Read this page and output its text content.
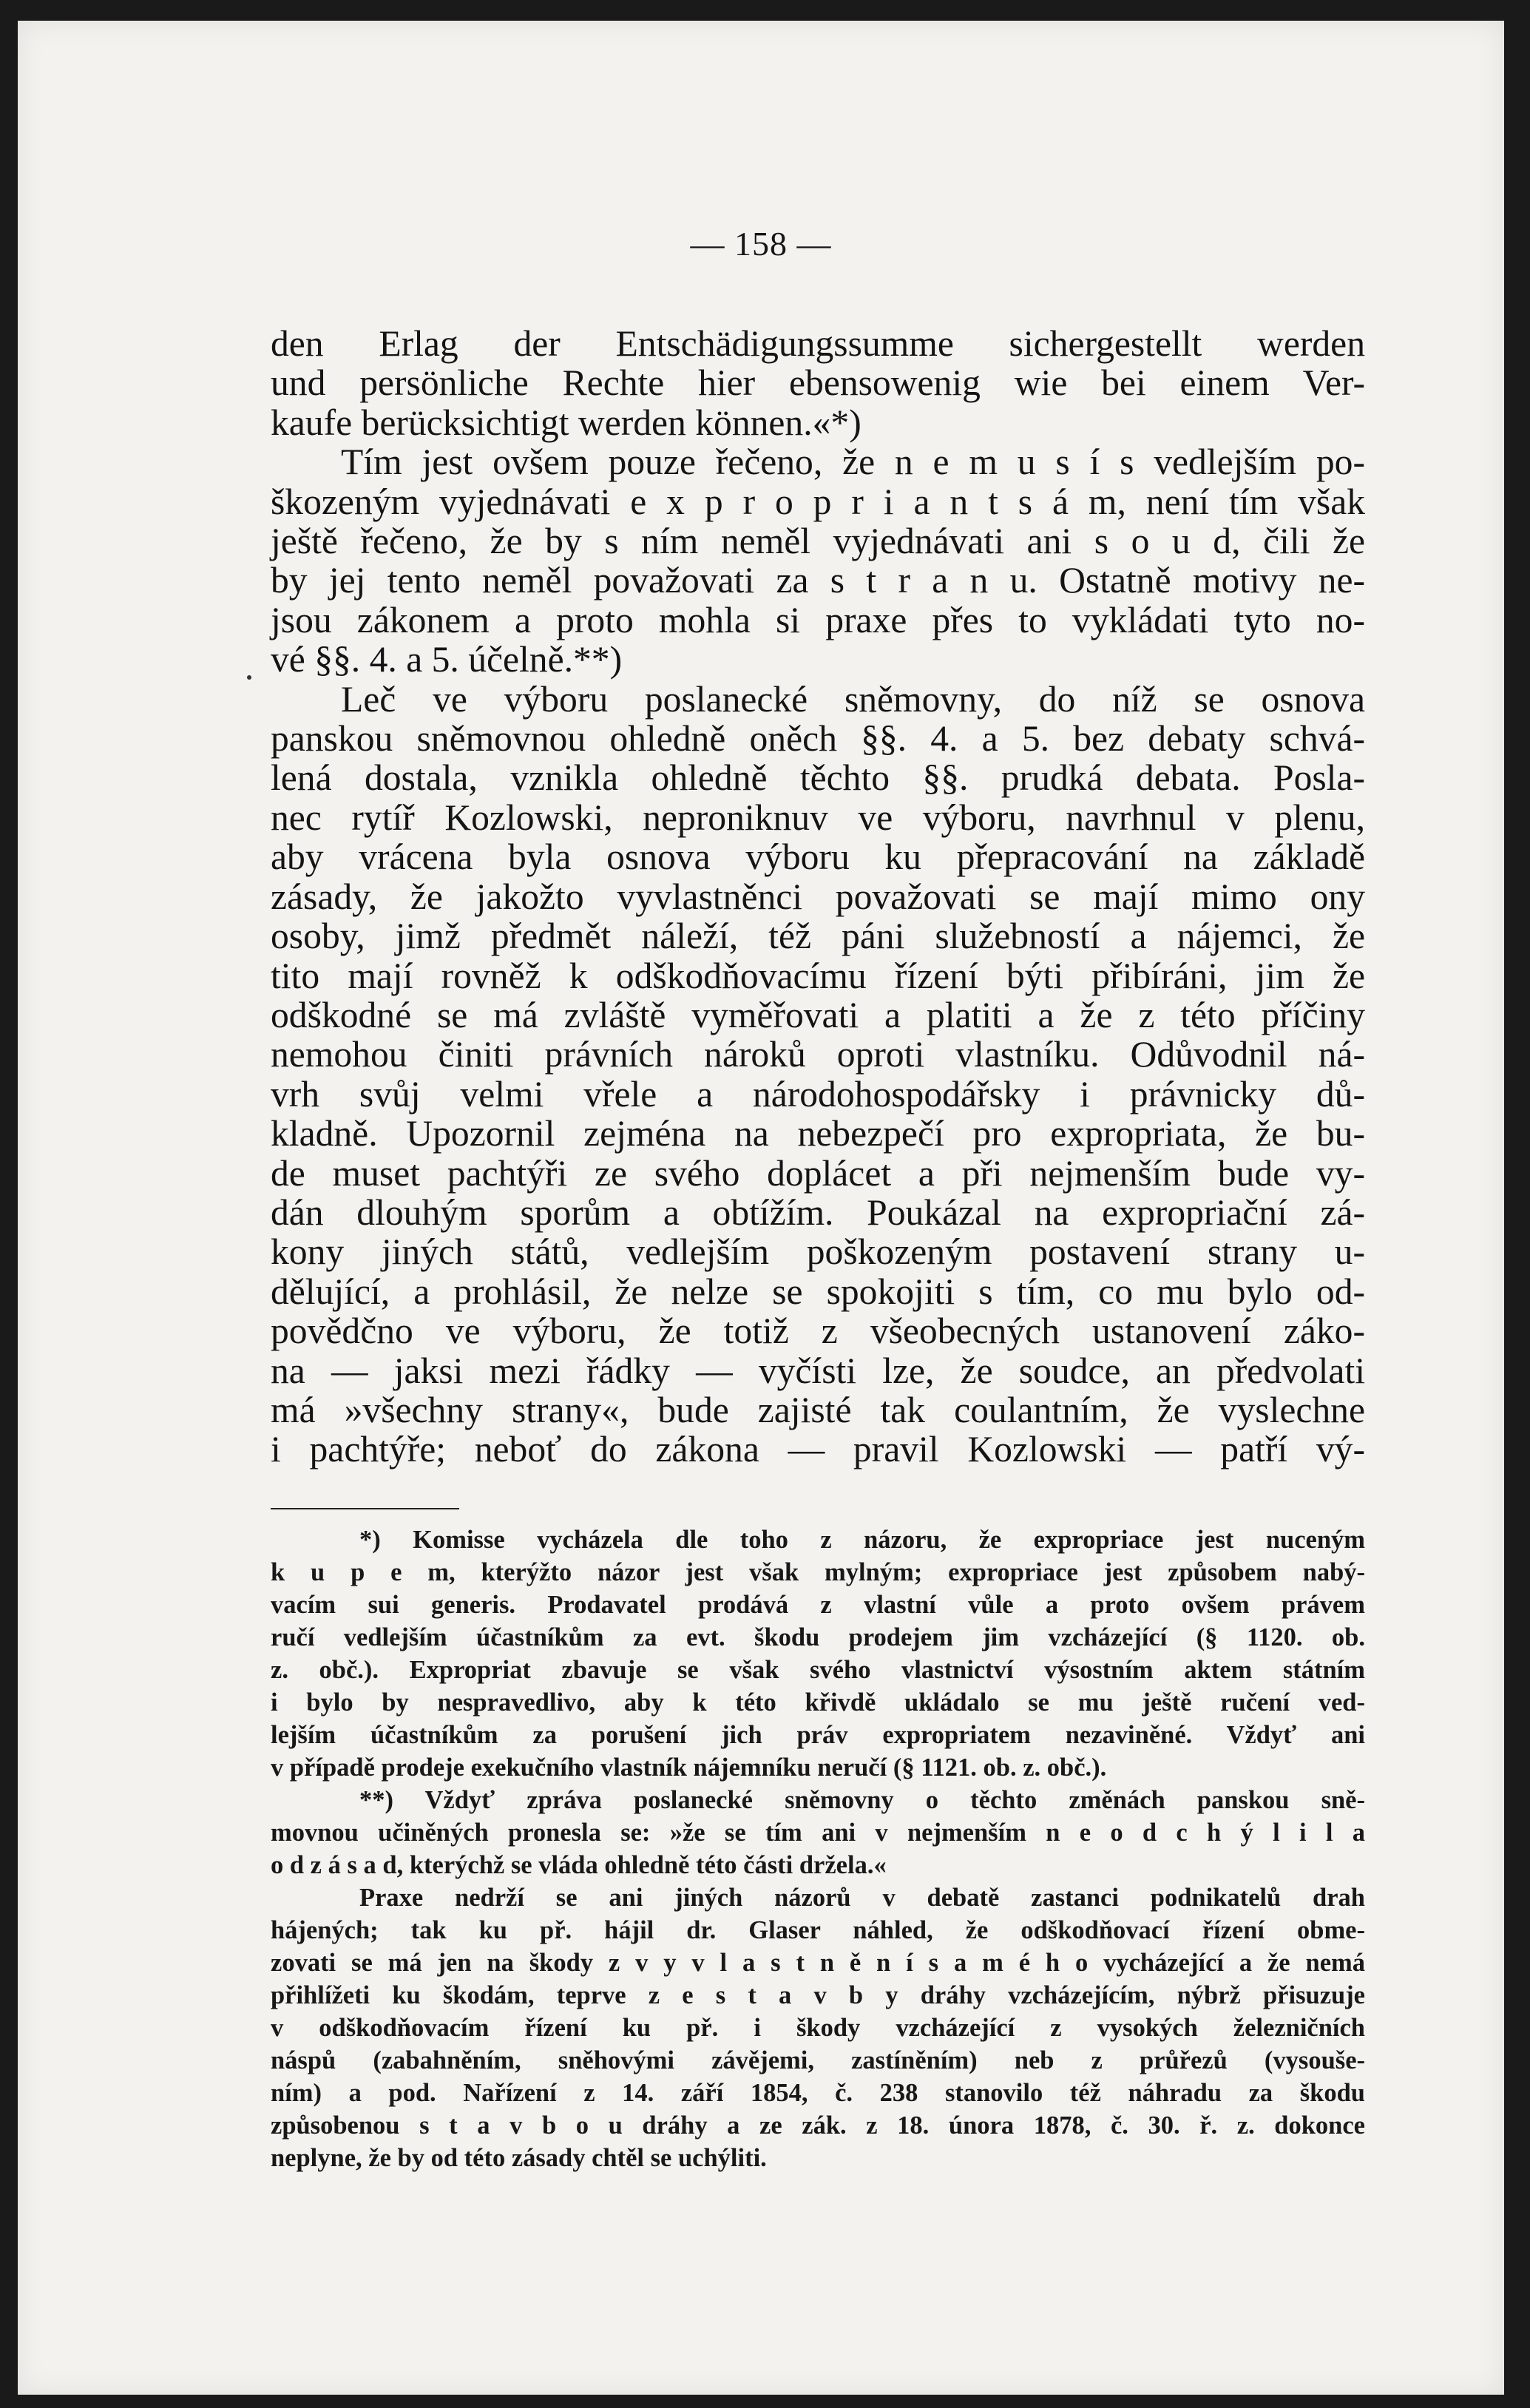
— 158 —
den Erlag der Entschädigungssumme sichergestellt werden
und persönliche Rechte hier ebensowenig wie bei einem Ver-
kaufe berücksichtigt werden können.«*)
Tím jest ovšem pouze řečeno, že n e m u s í s vedlejším po-
škozeným vyjednávati e x p r o p r i a n t s á m, není tím však
ještě řečeno, že by s ním neměl vyjednávati ani s o u d, čili že
by jej tento neměl považovati za s t r a n u. Ostatně motivy ne-
jsou zákonem a proto mohla si praxe přes to vykládati tyto no-
vé §§. 4. a 5. účelně.**)
Leč ve výboru poslanecké sněmovny, do níž se osnova
panskou sněmovnou ohledně oněch §§. 4. a 5. bez debaty schvá-
lená dostala, vznikla ohledně těchto §§. prudká debata. Posla-
nec rytíř Kozlowski, neproniknuv ve výboru, navrhnul v plenu,
aby vrácena byla osnova výboru ku přepracování na základě
zásady, že jakožto vyvlastněnci považovati se mají mimo ony
osoby, jimž předmět náleží, též páni služebností a nájemci, že
tito mají rovněž k odškodňovacímu řízení býti přibíráni, jim že
odškodné se má zvláště vyměřovati a platiti a že z této příčiny
nemohou činiti právních nároků oproti vlastníku. Odůvodnil ná-
vrh svůj velmi vřele a národohospodářsky i právnicky dů-
kladně. Upozornil zejména na nebezpečí pro expropriata, že bu-
de muset pachtýři ze svého doplácet a při nejmenším bude vy-
dán dlouhým sporům a obtížím. Poukázal na expropriační zá-
kony jiných států, vedlejším poškozeným postavení strany u-
dělující, a prohlásil, že nelze se spokojiti s tím, co mu bylo od-
povědčno ve výboru, že totiž z všeobecných ustanovení záko-
na — jaksi mezi řádky — vyčísti lze, že soudce, an předvolati
má »všechny strany«, bude zajisté tak coulantním, že vyslechne
i pachtýře; neboť do zákona — pravil Kozlowski — patří vý-
*) Komisse vycházela dle toho z názoru, že expropriace jest nuceným
k u p e m, kterýžto názor jest však mylným; expropriace jest způsobem nabý-
vacím sui generis. Prodavatel prodává z vlastní vůle a proto ovšem právem
ručí vedlejším účastníkům za evt. škodu prodejem jim vzcházející (§ 1120. ob.
z. obč.). Expropriat zbavuje se však svého vlastnictví výsostním aktem státním
i bylo by nespravedlivo, aby k této křivdě ukládalo se mu ještě ručení ved-
lejším účastníkům za porušení jich práv expropriatem nezaviněné. Vždyť ani
v případě prodeje exekučního vlastník nájemníku neručí (§ 1121. ob. z. obč.).
**) Vždyť zpráva poslanecké sněmovny o těchto změnách panskou sně-
movnou učiněných pronesla se: »že se tím ani v nejmenším n e o d c h ý l i l a
o d z á s a d, kterýchž se vláda ohledně této části držela.«
Praxe nedrží se ani jiných názorů v debatě zastanci podnikatelů drah
hájených; tak ku př. hájil dr. Glaser náhled, že odškodňovací řízení obme-
zovati se má jen na škody z v y v l a s t n ě n í s a m é h o vycházející a že nemá
přihlížeti ku škodám, teprve z e s t a v b y dráhy vzcházejícím, nýbrž přisuzuje
v odškodňovacím řízení ku př. i škody vzcházející z vysokých železničních
náspů (zabahněním, sněhovými závějemi, zastíněním) neb z průřezů (vysouše-
ním) a pod. Nařízení z 14. září 1854, č. 238 stanovilo též náhradu za škodu
způsobenou s t a v b o u dráhy a ze zák. z 18. února 1878, č. 30. ř. z. dokonce
neplyne, že by od této zásady chtěl se uchýliti.
